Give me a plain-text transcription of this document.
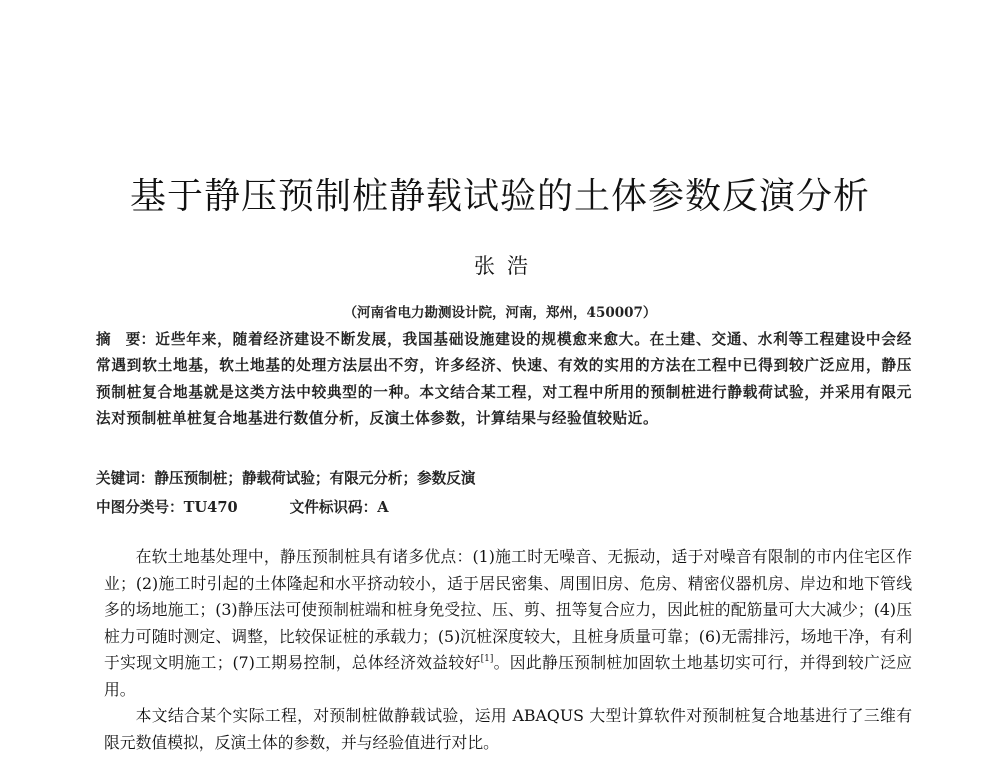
基于静压预制桩静载试验的土体参数反演分析
张浩
（河南省电力勘测设计院，河南，郑州，450007）
摘　要：近些年来，随着经济建设不断发展，我国基础设施建设的规模愈来愈大。在土建、交通、水利等工程建设中会经常遇到软土地基，软土地基的处理方法层出不穷，许多经济、快速、有效的实用的方法在工程中已得到较广泛应用，静压预制桩复合地基就是这类方法中较典型的一种。本文结合某工程，对工程中所用的预制桩进行静载荷试验，并采用有限元法对预制桩单桩复合地基进行数值分析，反演土体参数，计算结果与经验值较贴近。
关键词：静压预制桩；静载荷试验；有限元分析；参数反演
中图分类号：TU470	文件标识码：A

在软土地基处理中，静压预制桩具有诸多优点：(1)施工时无噪音、无振动，适于对噪音有限制的市内住宅区作业；(2)施工时引起的土体隆起和水平挤动较小，适于居民密集、周围旧房、危房、精密仪器机房、岸边和地下管线多的场地施工；(3)静压法可使预制桩端和桩身免受拉、压、剪、扭等复合应力，因此桩的配筋量可大大减少；(4)压桩力可随时测定、调整，比较保证桩的承载力；(5)沉桩深度较大，且桩身质量可靠；(6)无需排污，场地干净，有利于实现文明施工；(7)工期易控制，总体经济效益较好[1]。因此静压预制桩加固软土地基切实可行，并得到较广泛应用。

本文结合某个实际工程，对预制桩做静载试验，运用 ABAQUS 大型计算软件对预制桩复合地基进行了三维有限元数值模拟，反演土体的参数，并与经验值进行对比。
